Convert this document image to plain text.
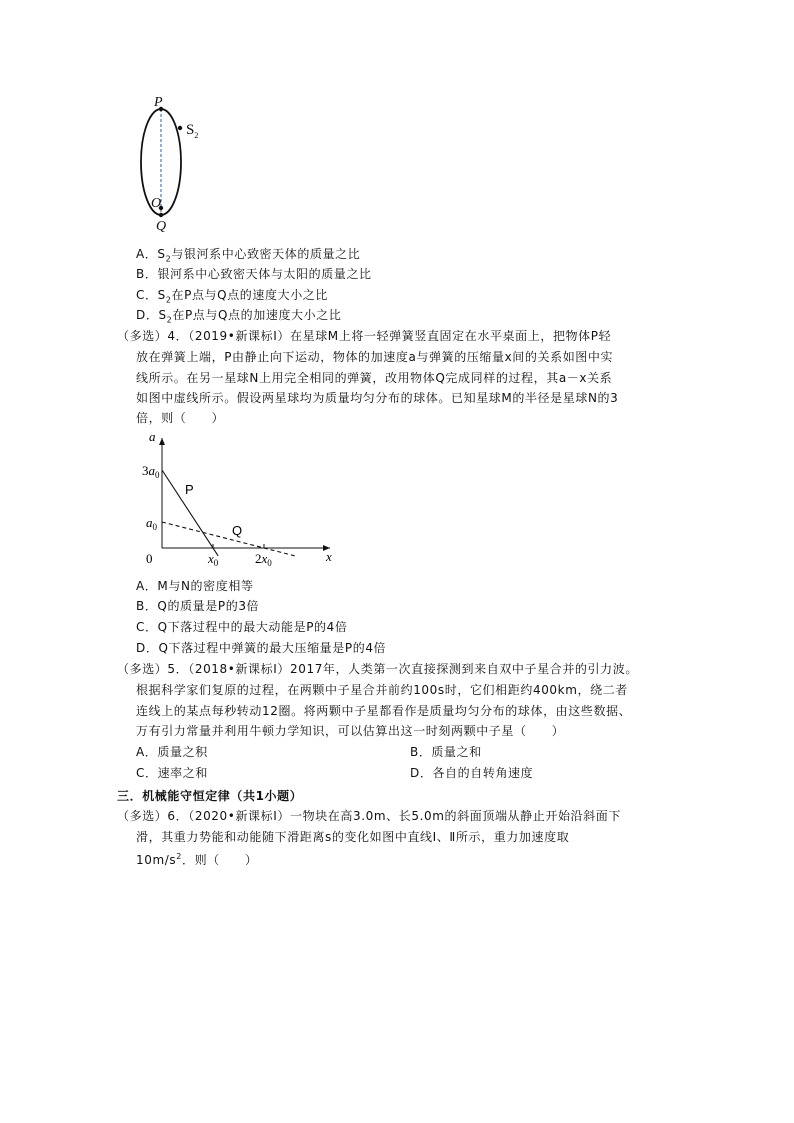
P
$S_2$
O
Q
A．$S_2$与银河系中心致密天体的质量之比
B．银河系中心致密天体与太阳的质量之比
C．$S_2$在P点与Q点的速度大小之比
D．$S_2$在P点与Q点的加速度大小之比
（多选）4．（2019•新课标Ⅰ）在星球M上将一轻弹簧竖直固定在水平桌面上，把物体P轻
放在弹簧上端，P由静止向下运动，物体的加速度a与弹簧的压缩量x间的关系如图中实
线所示。在另一星球N上用完全相同的弹簧，改用物体Q完成同样的过程，其a－x关系
如图中虚线所示。假设两星球均为质量均匀分布的球体。已知星球M的半径是星球N的3
倍，则（　　）
x
a
0
$3a_0$
$a_0$
$x_0$	$2x_0$
P
Q
A．M与N的密度相等
B．Q的质量是P的3倍
C．Q下落过程中的最大动能是P的4倍
D．Q下落过程中弹簧的最大压缩量是P的4倍
（多选）5．（2018•新课标Ⅰ）2017年，人类第一次直接探测到来自双中子星合并的引力波。
根据科学家们复原的过程，在两颗中子星合并前约100s时，它们相距约400km，绕二者
连线上的某点每秒转动12圈。将两颗中子星都看作是质量均匀分布的球体，由这些数据、
万有引力常量并利用牛顿力学知识，可以估算出这一时刻两颗中子星（　　）
A．质量之积	B．质量之和
C．速率之和	D．各自的自转角速度
三．机械能守恒定律（共1小题）
（多选）6．（2020•新课标Ⅰ）一物块在高3.0m、长5.0m的斜面顶端从静止开始沿斜面下
滑，其重力势能和动能随下滑距离s的变化如图中直线Ⅰ、Ⅱ所示，重力加速度取
$10m/s^2$．则（　　）
